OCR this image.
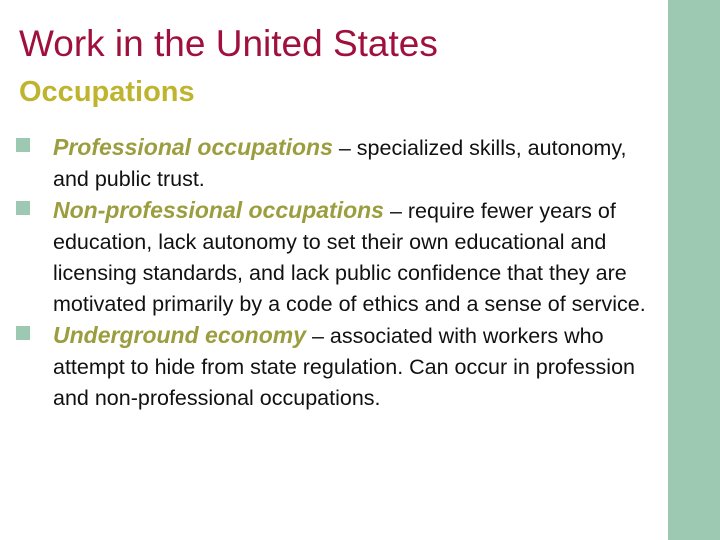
Work in the United States
Occupations
Professional occupations – specialized skills, autonomy, and public trust.
Non-professional occupations – require fewer years of education, lack autonomy to set their own educational and licensing standards, and lack public confidence that they are motivated primarily by a code of ethics and a sense of service.
Underground economy – associated with workers who attempt to hide from state regulation. Can occur in profession and non-professional occupations.
